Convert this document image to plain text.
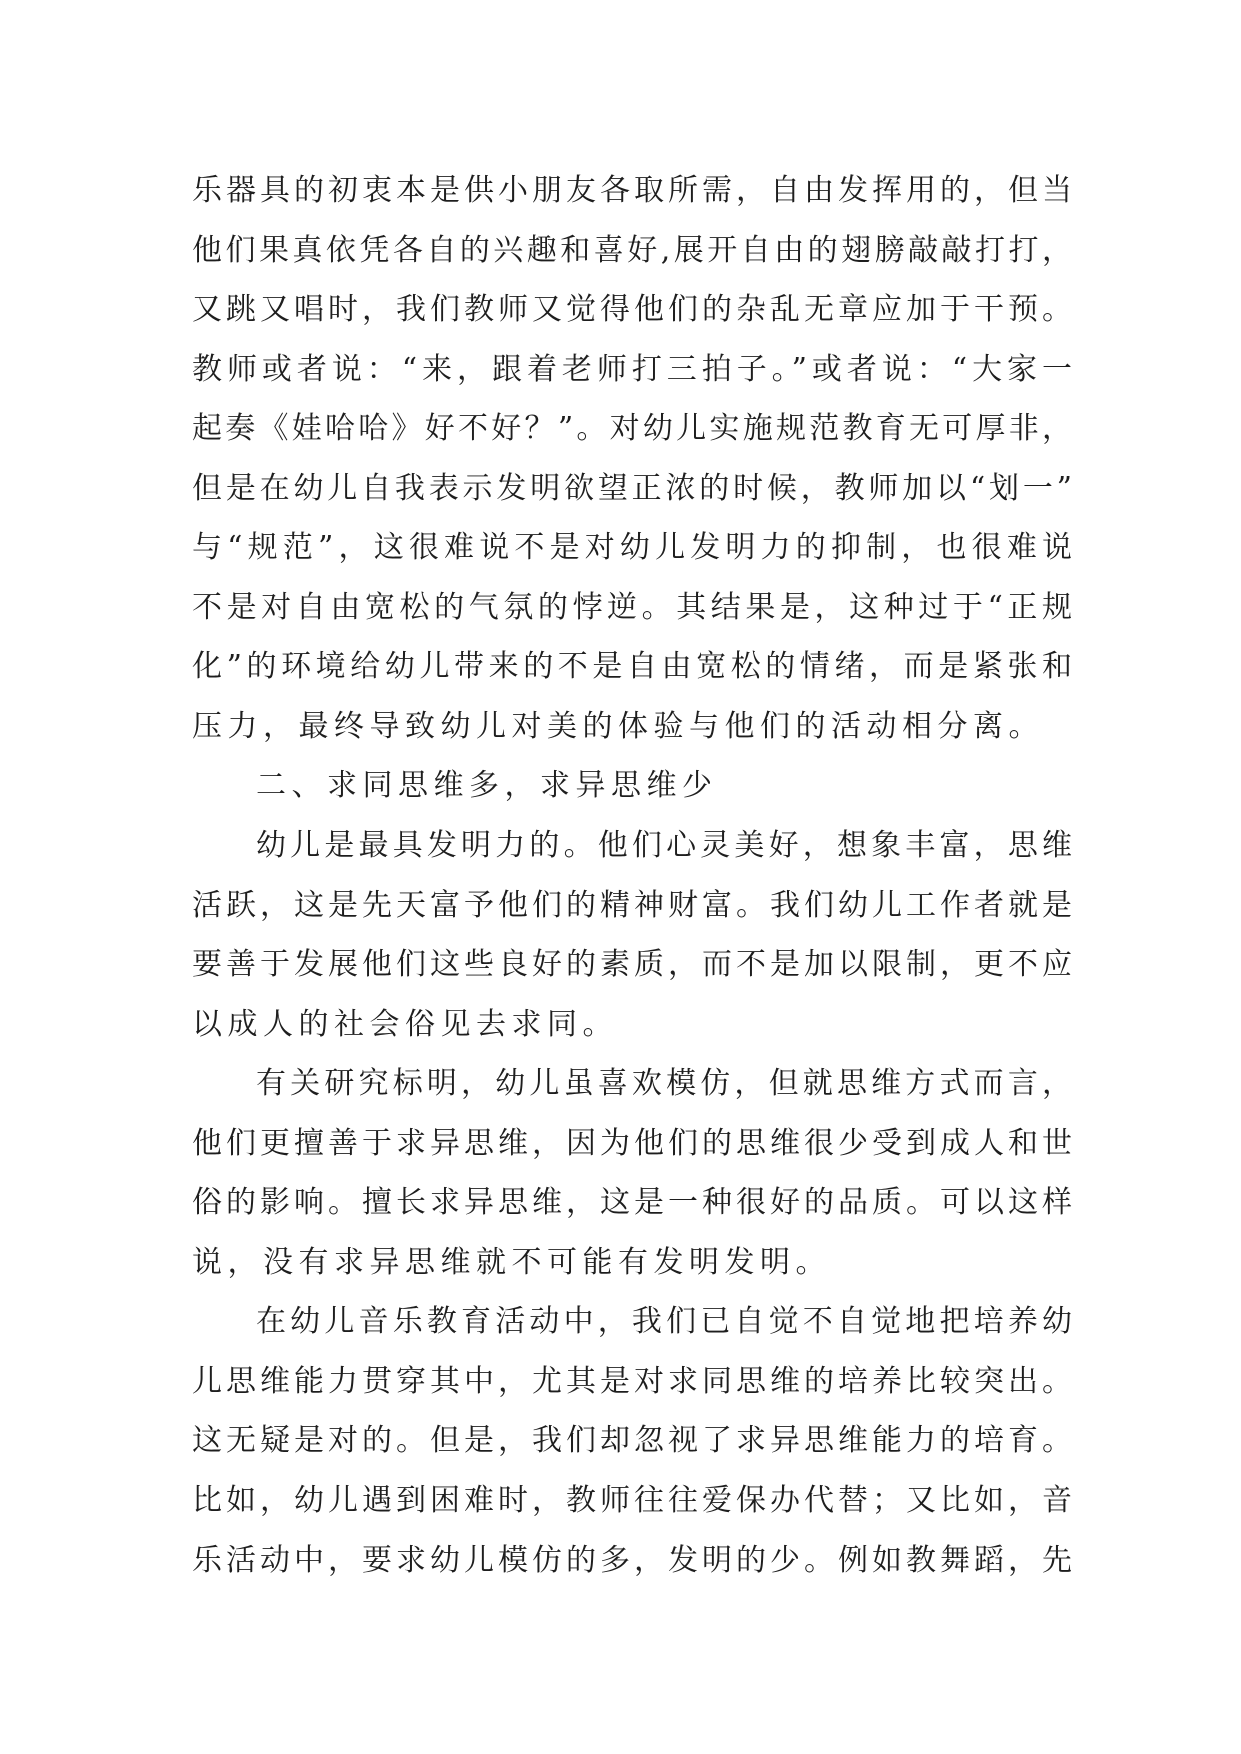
乐器具的初衷本是供小朋友各取所需，自由发挥用的，但当
他们果真依凭各自的兴趣和喜好,展开自由的翅膀敲敲打打，
又跳又唱时，我们教师又觉得他们的杂乱无章应加于干预。
教师或者说：“来，跟着老师打三拍子。”或者说：“大家一
起奏《娃哈哈》好不好？”。对幼儿实施规范教育无可厚非，
但是在幼儿自我表示发明欲望正浓的时候，教师加以“划一”
与“规范”，这很难说不是对幼儿发明力的抑制，也很难说
不是对自由宽松的气氛的悖逆。其结果是，这种过于“正规
化”的环境给幼儿带来的不是自由宽松的情绪，而是紧张和
压力，最终导致幼儿对美的体验与他们的活动相分离。
二、求同思维多，求异思维少
幼儿是最具发明力的。他们心灵美好，想象丰富，思维
活跃，这是先天富予他们的精神财富。我们幼儿工作者就是
要善于发展他们这些良好的素质，而不是加以限制，更不应
以成人的社会俗见去求同。
有关研究标明，幼儿虽喜欢模仿，但就思维方式而言，
他们更擅善于求异思维，因为他们的思维很少受到成人和世
俗的影响。擅长求异思维，这是一种很好的品质。可以这样
说，没有求异思维就不可能有发明发明。
在幼儿音乐教育活动中，我们已自觉不自觉地把培养幼
儿思维能力贯穿其中，尤其是对求同思维的培养比较突出。
这无疑是对的。但是，我们却忽视了求异思维能力的培育。
比如，幼儿遇到困难时，教师往往爱保办代替；又比如，音
乐活动中，要求幼儿模仿的多，发明的少。例如教舞蹈，先
